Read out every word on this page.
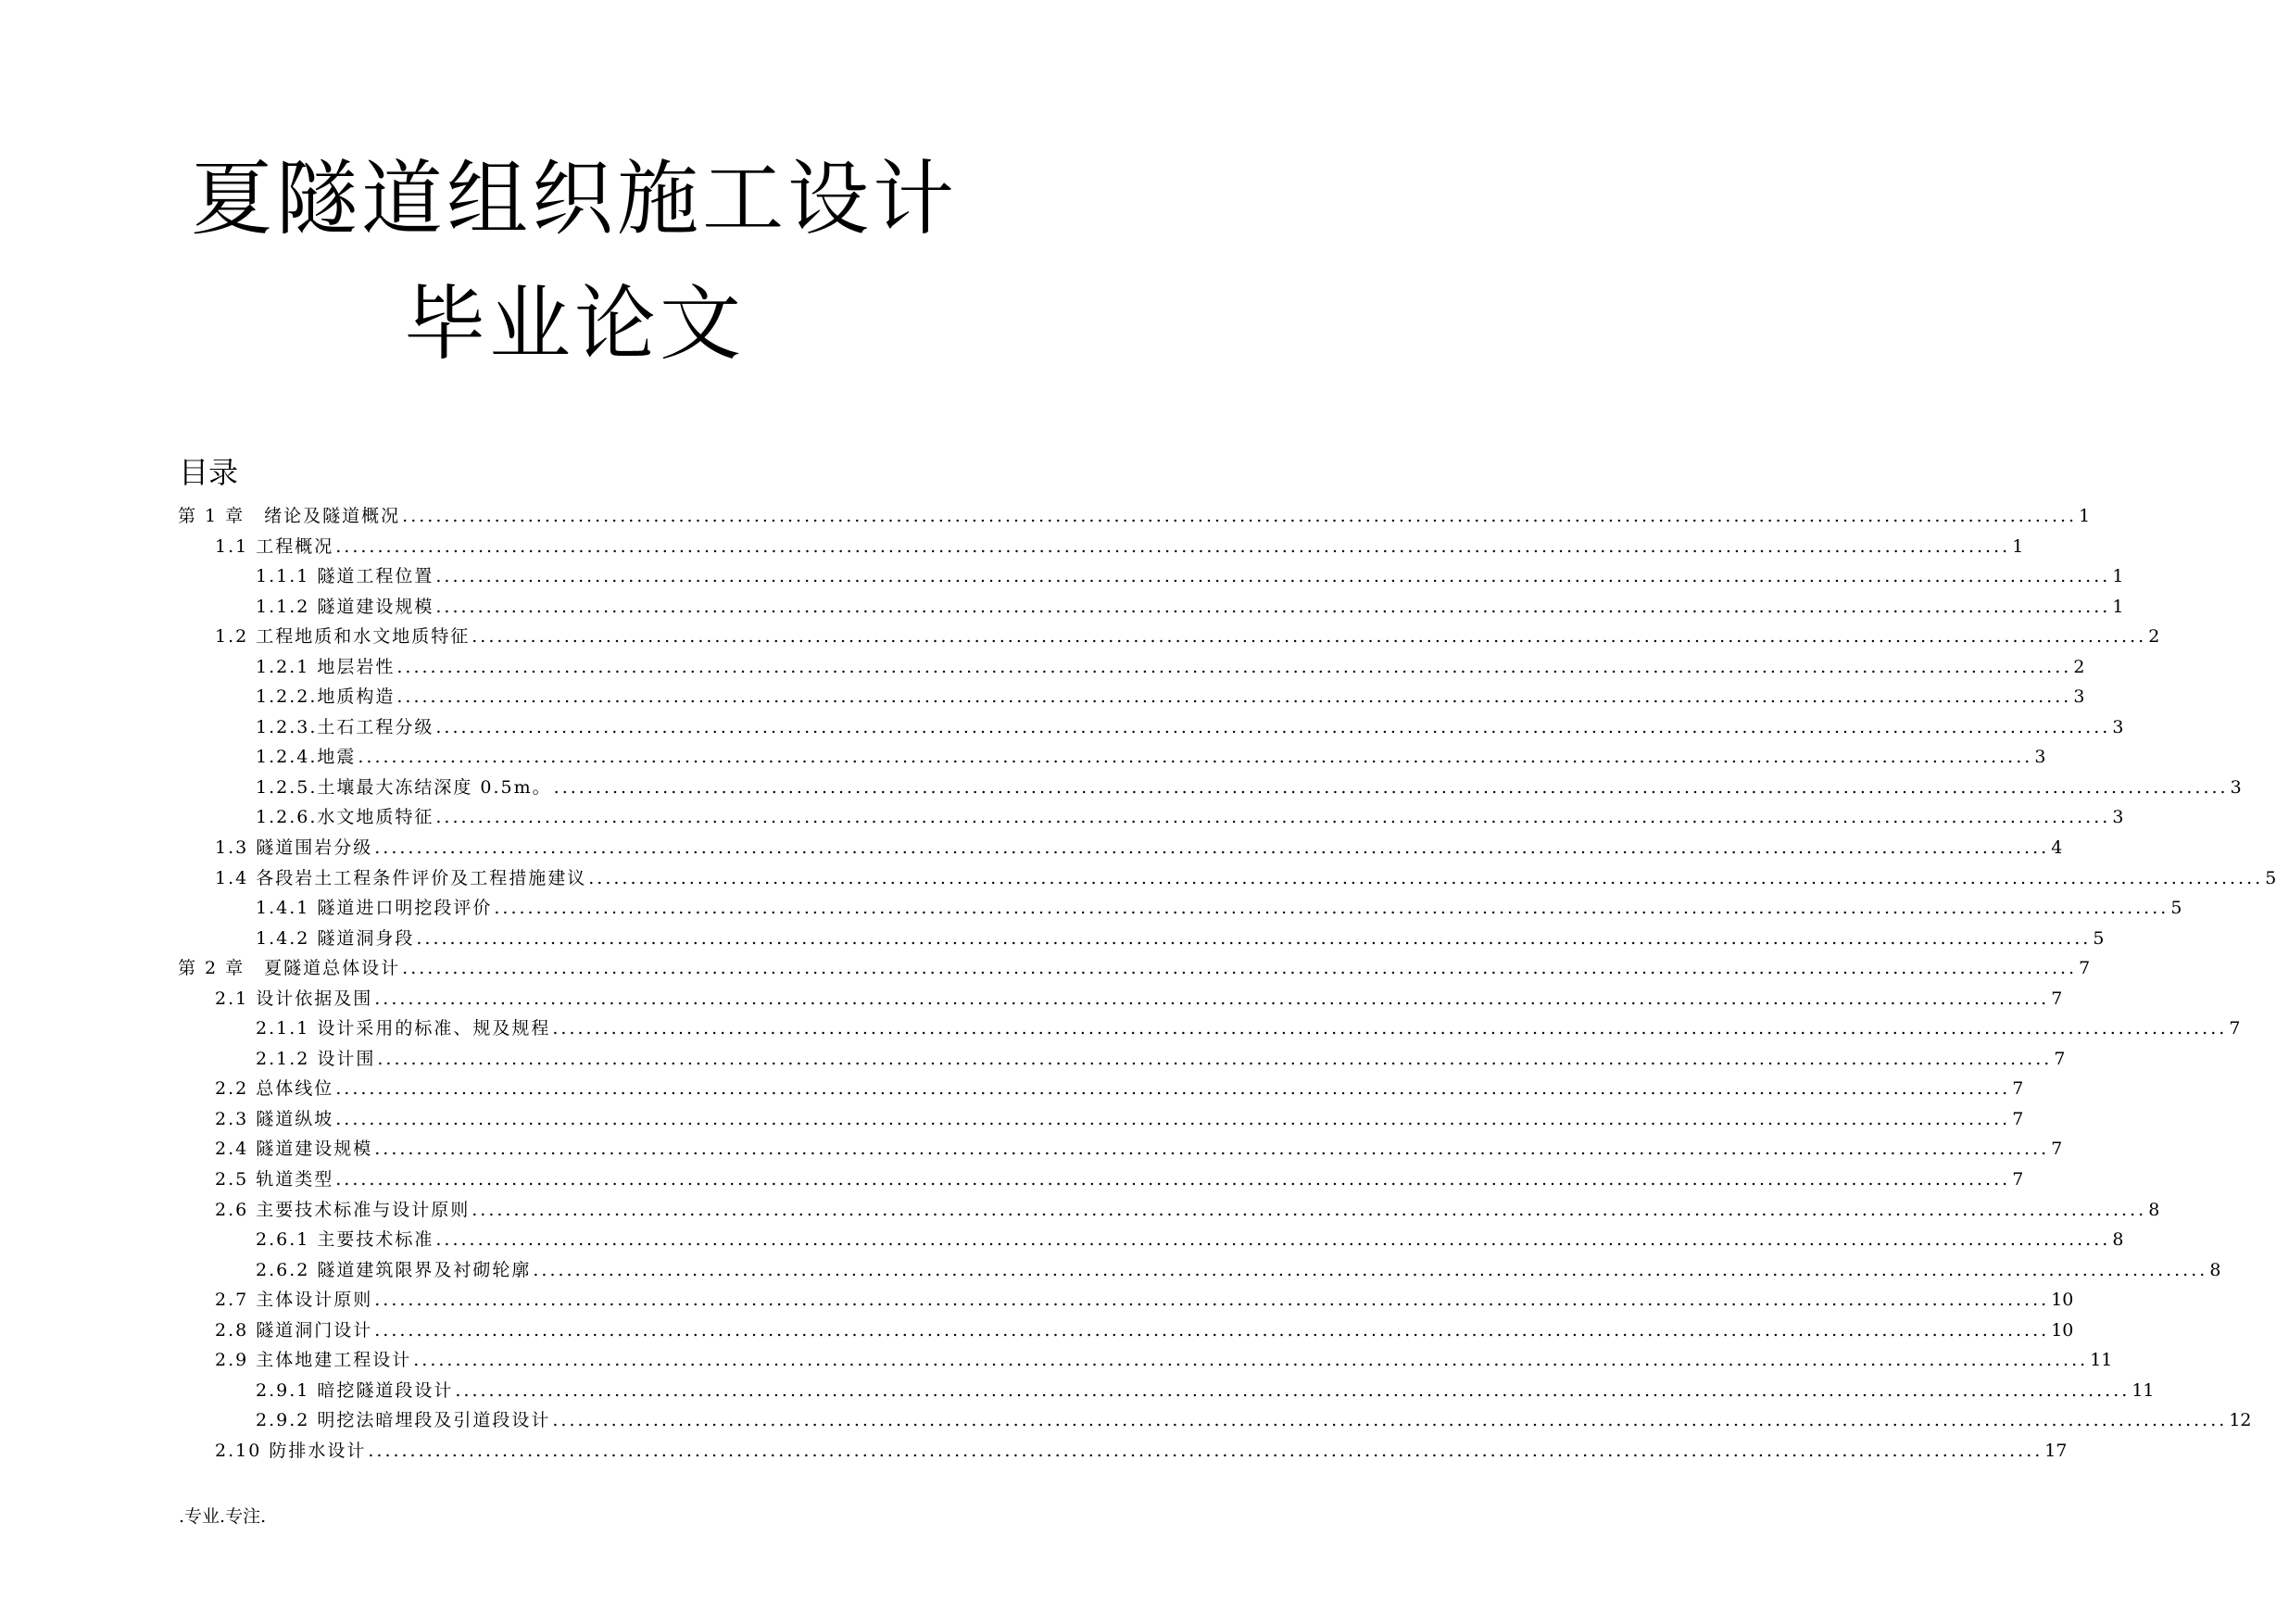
夏隧道组织施工设计
毕业论文
目录
第 1 章　绪论及隧道概况 ........................................................................................................................................................................................................ 1
1.1 工程概况 ........................................................................................................................................................................................................ 1
1.1.1 隧道工程位置 ........................................................................................................................................................................................................ 1
1.1.2 隧道建设规模 ........................................................................................................................................................................................................ 1
1.2 工程地质和水文地质特征 ........................................................................................................................................................................................................ 2
1.2.1 地层岩性 ........................................................................................................................................................................................................ 2
1.2.2.地质构造 ........................................................................................................................................................................................................ 3
1.2.3.土石工程分级 ........................................................................................................................................................................................................ 3
1.2.4.地震 ........................................................................................................................................................................................................ 3
1.2.5.土壤最大冻结深度 0.5m。 ........................................................................................................................................................................................................ 3
1.2.6.水文地质特征 ........................................................................................................................................................................................................ 3
1.3 隧道围岩分级 ........................................................................................................................................................................................................ 4
1.4 各段岩土工程条件评价及工程措施建议 ........................................................................................................................................................................................................ 5
1.4.1 隧道进口明挖段评价 ........................................................................................................................................................................................................ 5
1.4.2 隧道洞身段 ........................................................................................................................................................................................................ 5
第 2 章　夏隧道总体设计 ........................................................................................................................................................................................................ 7
2.1 设计依据及围 ........................................................................................................................................................................................................ 7
2.1.1 设计采用的标准、规及规程 ........................................................................................................................................................................................................ 7
2.1.2 设计围 ........................................................................................................................................................................................................ 7
2.2 总体线位 ........................................................................................................................................................................................................ 7
2.3 隧道纵坡 ........................................................................................................................................................................................................ 7
2.4 隧道建设规模 ........................................................................................................................................................................................................ 7
2.5 轨道类型 ........................................................................................................................................................................................................ 7
2.6 主要技术标准与设计原则 ........................................................................................................................................................................................................ 8
2.6.1 主要技术标准 ........................................................................................................................................................................................................ 8
2.6.2 隧道建筑限界及衬砌轮廓 ........................................................................................................................................................................................................ 8
2.7 主体设计原则 ........................................................................................................................................................................................................ 10
2.8 隧道洞门设计 ........................................................................................................................................................................................................ 10
2.9 主体地建工程设计 ........................................................................................................................................................................................................ 11
2.9.1 暗挖隧道段设计 ........................................................................................................................................................................................................ 11
2.9.2 明挖法暗埋段及引道段设计 ........................................................................................................................................................................................................ 12
2.10 防排水设计 ........................................................................................................................................................................................................ 17
.专业.专注.
